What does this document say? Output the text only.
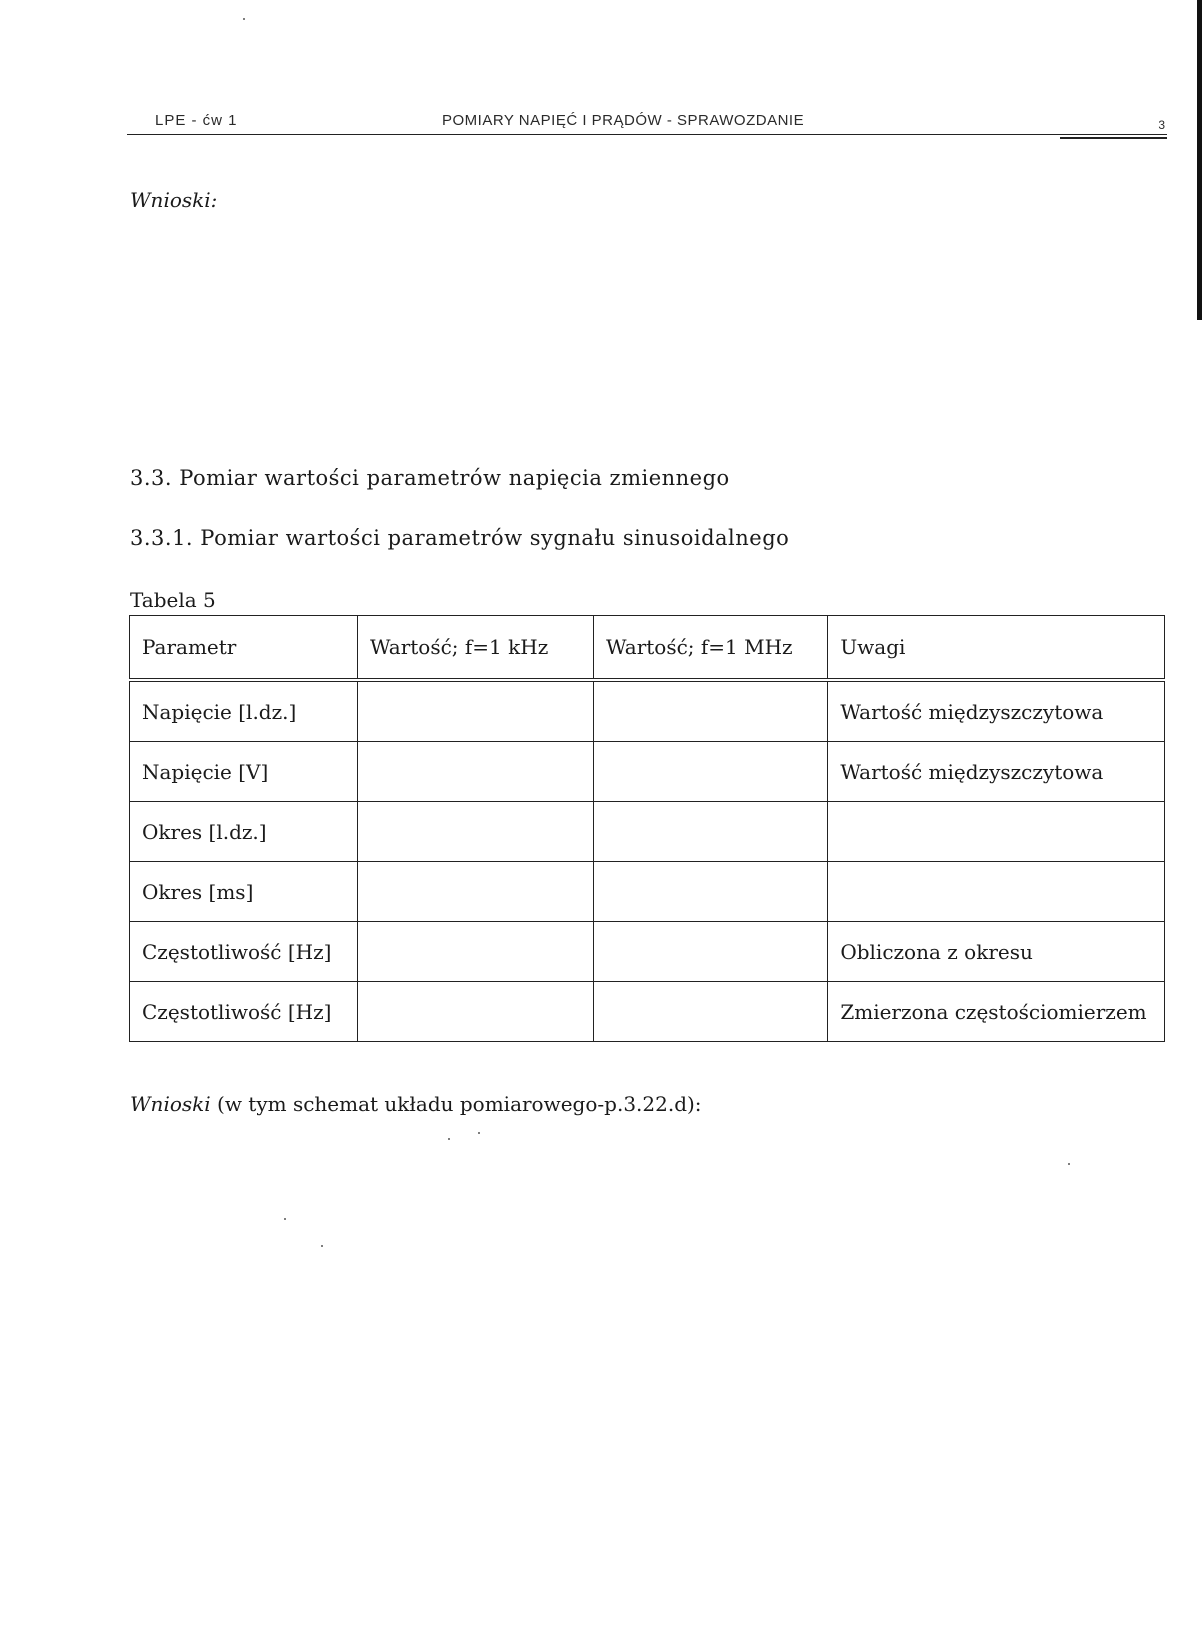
LPE - ćw 1	POMIARY NAPIĘĆ I PRĄDÓW - SPRAWOZDANIE	3
Wnioski:
3.3. Pomiar wartości parametrów napięcia zmiennego
3.3.1. Pomiar wartości parametrów sygnału sinusoidalnego
Tabela 5
Parametr	Wartość; f=1 kHz	Wartość; f=1 MHz	Uwagi
Napięcie [l.dz.]			Wartość międzyszczytowa
Napięcie [V]			Wartość międzyszczytowa
Okres [l.dz.]			
Okres [ms]			
Częstotliwość [Hz]			Obliczona z okresu
Częstotliwość [Hz]			Zmierzona częstościomierzem
Wnioski (w tym schemat układu pomiarowego-p.3.22.d):
